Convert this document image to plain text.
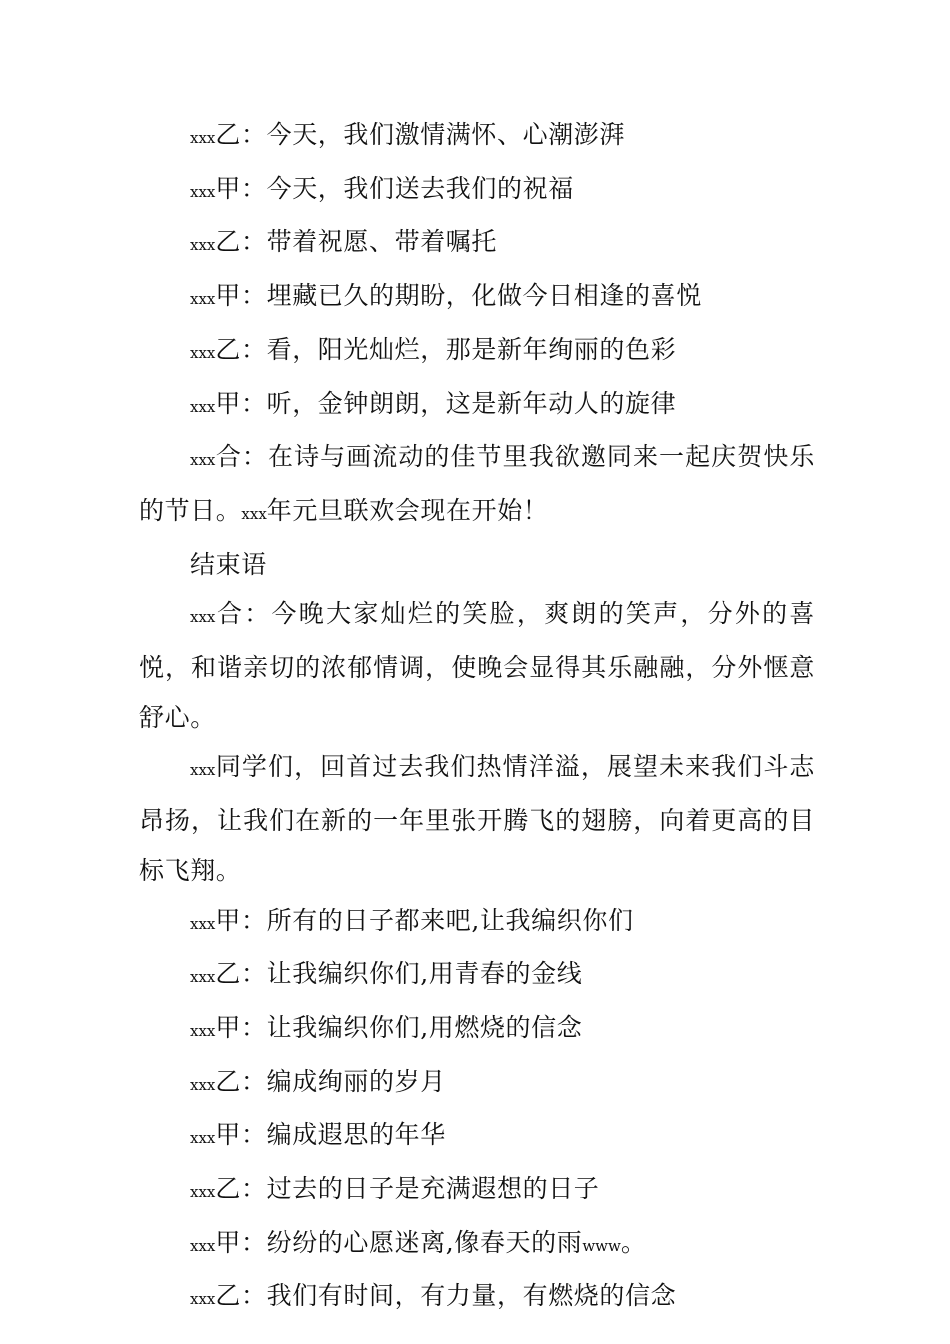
xxx乙：今天，我们激情满怀、心潮澎湃
xxx甲：今天，我们送去我们的祝福
xxx乙：带着祝愿、带着嘱托
xxx甲：埋藏已久的期盼，化做今日相逢的喜悦
xxx乙：看，阳光灿烂，那是新年绚丽的色彩
xxx甲：听，金钟朗朗，这是新年动人的旋律

xxx合：在诗与画流动的佳节里我欲邀同来一起庆贺快乐的节日。xxx年元旦联欢会现在开始！

结束语

xxx合：今晚大家灿烂的笑脸，爽朗的笑声，分外的喜悦，和谐亲切的浓郁情调，使晚会显得其乐融融，分外惬意舒心。

xxx同学们，回首过去我们热情洋溢，展望未来我们斗志昂扬，让我们在新的一年里张开腾飞的翅膀，向着更高的目标飞翔。

xxx甲：所有的日子都来吧,让我编织你们
xxx乙：让我编织你们,用青春的金线
xxx甲：让我编织你们,用燃烧的信念
xxx乙：编成绚丽的岁月
xxx甲：编成遐思的年华
xxx乙：过去的日子是充满遐想的日子
xxx甲：纷纷的心愿迷离,像春天的雨www。
xxx乙：我们有时间，有力量，有燃烧的信念
